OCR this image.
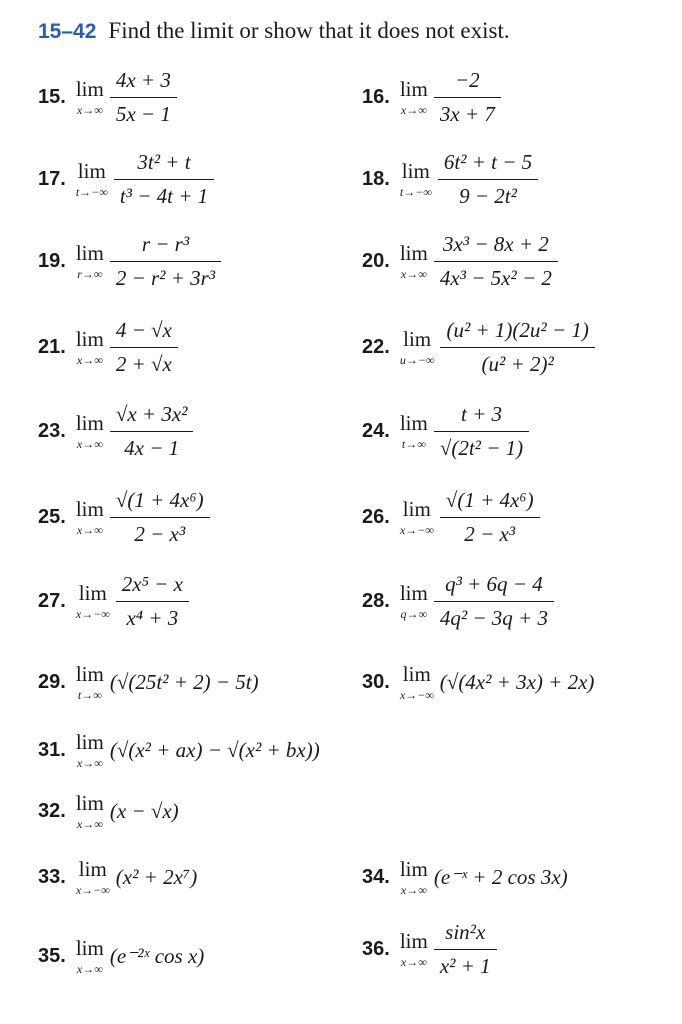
15–42 Find the limit or show that it does not exist.
15. lim
$x\to\infty \frac{4x + 3}{5x - 1}$	16. lim
$x\to\infty \frac{-2}{3x + 7}$
17. lim
$t\to-\infty \frac{\text{3t² + t}}{\text{t³ − 4t + 1}}$	18. lim
$t\to-\infty \frac{\text{6t² + t − 5}}{\text{9 − 2t²}}$
19. lim
$r\to\infty \frac{\text{r − r³}}{\text{2 − r² + 3r³}}$	20. lim
$x\to\infty \frac{\text{3x³ − 8x + 2}}{\text{4x³ − 5x² − 2}}$
21. lim
$x\to\infty \frac{4 - √x}{2 + √x}$	22. lim
$u\to-\infty \frac{\text{(u² + 1)(2u² − 1)}}{\text{(u² + 2)²}}$
23. lim
$x\to\infty \frac{\text{√x + 3x²}}{4x - 1}$	24. lim
$t\to\infty \frac{t + 3}{\text{√(2t² − 1)}}$
25. lim
$x\to\infty \frac{\text{√(1 + 4x⁶)}}{\text{2 − x³}}$	26. lim
$x\to-\infty \frac{\text{√(1 + 4x⁶)}}{\text{2 − x³}}$
27. lim
$x\to-\infty \frac{\text{2x⁵ − x}}{\text{x⁴ + 3}}$	28. lim
$q\to\infty \frac{\text{q³ + 6q − 4}}{\text{4q² − 3q + 3}}$
29. lim
t→∞
(√(25t² + 2) − 5t)	30. lim
x→−∞
(√(4x² + 3x) + 2x)
31. lim
x→∞
(√(x² + ax) − √(x² + bx))
32. lim
x→∞
(x − √x)
33. lim
x→−∞
(x² + 2x⁷)	34. lim
x→∞
(e⁻ˣ + 2 cos 3x)
35. lim
x→∞
(e⁻²ˣ cos x)	36. lim
$x\to\infty \frac{\text{sin²x}}{\text{x² + 1}}$
